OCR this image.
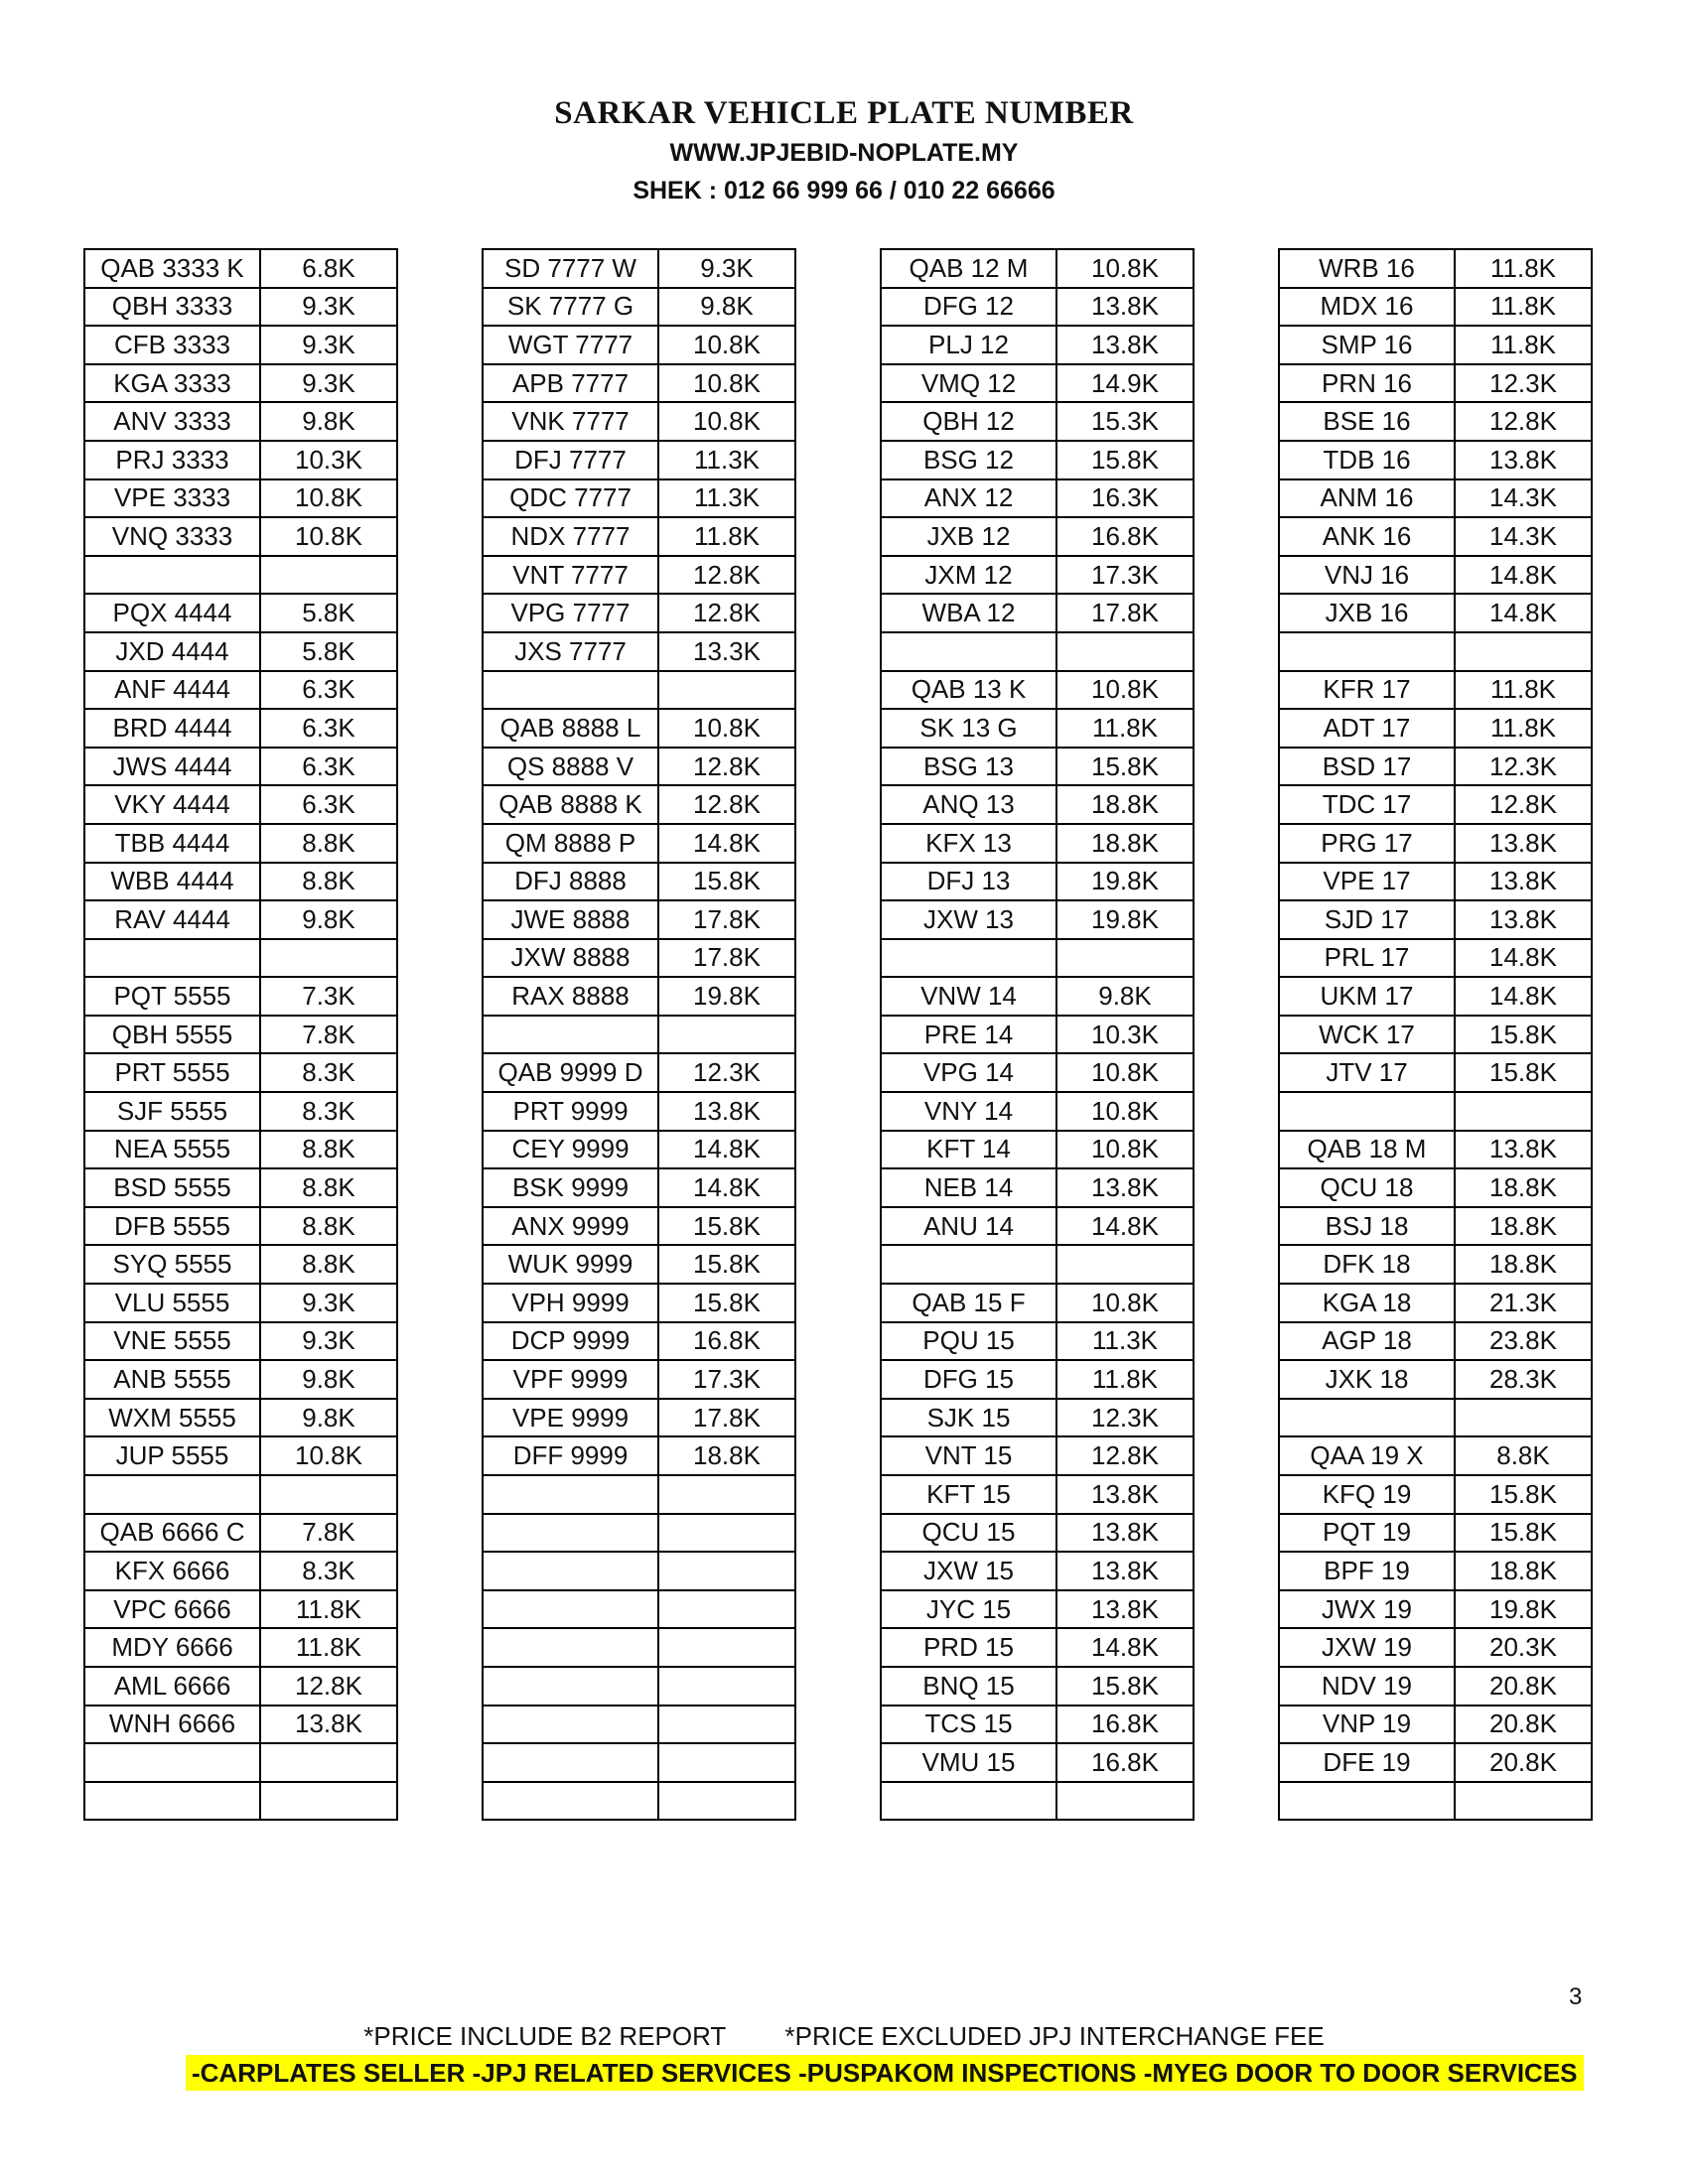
SARKAR VEHICLE PLATE NUMBER
WWW.JPJEBID-NOPLATE.MY
SHEK : 012 66 999 66 / 010 22 66666
QAB 3333 K	6.8K
QBH 3333	9.3K
CFB 3333	9.3K
KGA 3333	9.3K
ANV 3333	9.8K
PRJ 3333	10.3K
VPE 3333	10.8K
VNQ 3333	10.8K

PQX 4444	5.8K
JXD 4444	5.8K
ANF 4444	6.3K
BRD 4444	6.3K
JWS 4444	6.3K
VKY 4444	6.3K
TBB 4444	8.8K
WBB 4444	8.8K
RAV 4444	9.8K

PQT 5555	7.3K
QBH 5555	7.8K
PRT 5555	8.3K
SJF 5555	8.3K
NEA 5555	8.8K
BSD 5555	8.8K
DFB 5555	8.8K
SYQ 5555	8.8K
VLU 5555	9.3K
VNE 5555	9.3K
ANB 5555	9.8K
WXM 5555	9.8K
JUP 5555	10.8K

QAB 6666 C	7.8K
KFX 6666	8.3K
VPC 6666	11.8K
MDY 6666	11.8K
AML 6666	12.8K
WNH 6666	13.8K

SD 7777 W	9.3K
SK 7777 G	9.8K
WGT 7777	10.8K
APB 7777	10.8K
VNK 7777	10.8K
DFJ 7777	11.3K
QDC 7777	11.3K
NDX 7777	11.8K
VNT 7777	12.8K
VPG 7777	12.8K
JXS 7777	13.3K

QAB 8888 L	10.8K
QS 8888 V	12.8K
QAB 8888 K	12.8K
QM 8888 P	14.8K
DFJ 8888	15.8K
JWE 8888	17.8K
JXW 8888	17.8K
RAX 8888	19.8K

QAB 9999 D	12.3K
PRT 9999	13.8K
CEY 9999	14.8K
BSK 9999	14.8K
ANX 9999	15.8K
WUK 9999	15.8K
VPH 9999	15.8K
DCP 9999	16.8K
VPF 9999	17.3K
VPE 9999	17.8K
DFF 9999	18.8K

QAB 12 M	10.8K
DFG 12	13.8K
PLJ 12	13.8K
VMQ 12	14.9K
QBH 12	15.3K
BSG 12	15.8K
ANX 12	16.3K
JXB 12	16.8K
JXM 12	17.3K
WBA 12	17.8K

QAB 13 K	10.8K
SK 13 G	11.8K
BSG 13	15.8K
ANQ 13	18.8K
KFX 13	18.8K
DFJ 13	19.8K
JXW 13	19.8K

VNW 14	9.8K
PRE 14	10.3K
VPG 14	10.8K
VNY 14	10.8K
KFT 14	10.8K
NEB 14	13.8K
ANU 14	14.8K

QAB 15 F	10.8K
PQU 15	11.3K
DFG 15	11.8K
SJK 15	12.3K
VNT 15	12.8K
KFT 15	13.8K
QCU 15	13.8K
JXW 15	13.8K
JYC 15	13.8K
PRD 15	14.8K
BNQ 15	15.8K
TCS 15	16.8K
VMU 15	16.8K

WRB 16	11.8K
MDX 16	11.8K
SMP 16	11.8K
PRN 16	12.3K
BSE 16	12.8K
TDB 16	13.8K
ANM 16	14.3K
ANK 16	14.3K
VNJ 16	14.8K
JXB 16	14.8K

KFR 17	11.8K
ADT 17	11.8K
BSD 17	12.3K
TDC 17	12.8K
PRG 17	13.8K
VPE 17	13.8K
SJD 17	13.8K
PRL 17	14.8K
UKM 17	14.8K
WCK 17	15.8K
JTV 17	15.8K

QAB 18 M	13.8K
QCU 18	18.8K
BSJ 18	18.8K
DFK 18	18.8K
KGA 18	21.3K
AGP 18	23.8K
JXK 18	28.3K

QAA 19 X	8.8K
KFQ 19	15.8K
PQT 19	15.8K
BPF 19	18.8K
JWX 19	19.8K
JXW 19	20.3K
NDV 19	20.8K
VNP 19	20.8K
DFE 19	20.8K

3
*PRICE INCLUDE B2 REPORT *PRICE EXCLUDED JPJ INTERCHANGE FEE
-CARPLATES SELLER -JPJ RELATED SERVICES -PUSPAKOM INSPECTIONS -MYEG DOOR TO DOOR SERVICES
